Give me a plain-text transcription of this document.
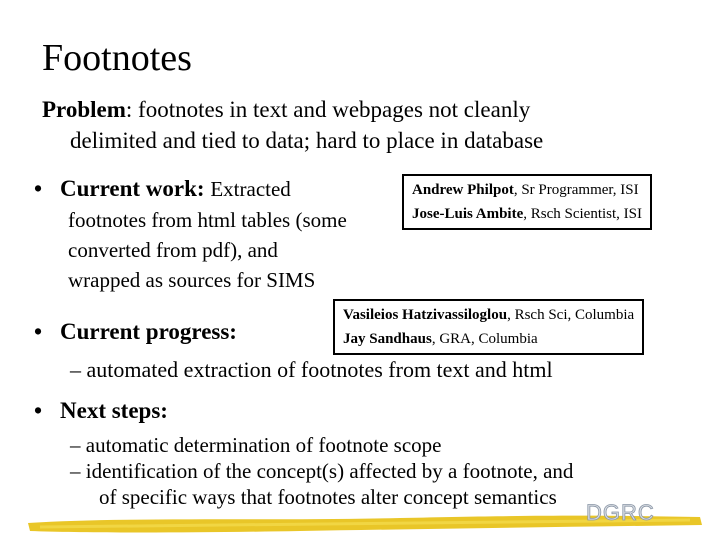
Footnotes
Problem: footnotes in text and webpages not cleanly
delimited and tied to data; hard to place in database
• Current work: Extracted
footnotes from html tables (some
converted from pdf), and
wrapped as sources for SIMS
Andrew Philpot, Sr Programmer, ISI
Jose-Luis Ambite, Rsch Scientist, ISI
Vasileios Hatzivassiloglou, Rsch Sci, Columbia
Jay Sandhaus, GRA, Columbia
• Current progress:
– automated extraction of footnotes from text and html
• Next steps:
– automatic determination of footnote scope
– identification of the concept(s) affected by a footnote, and
of specific ways that footnotes alter concept semantics
DGRC
